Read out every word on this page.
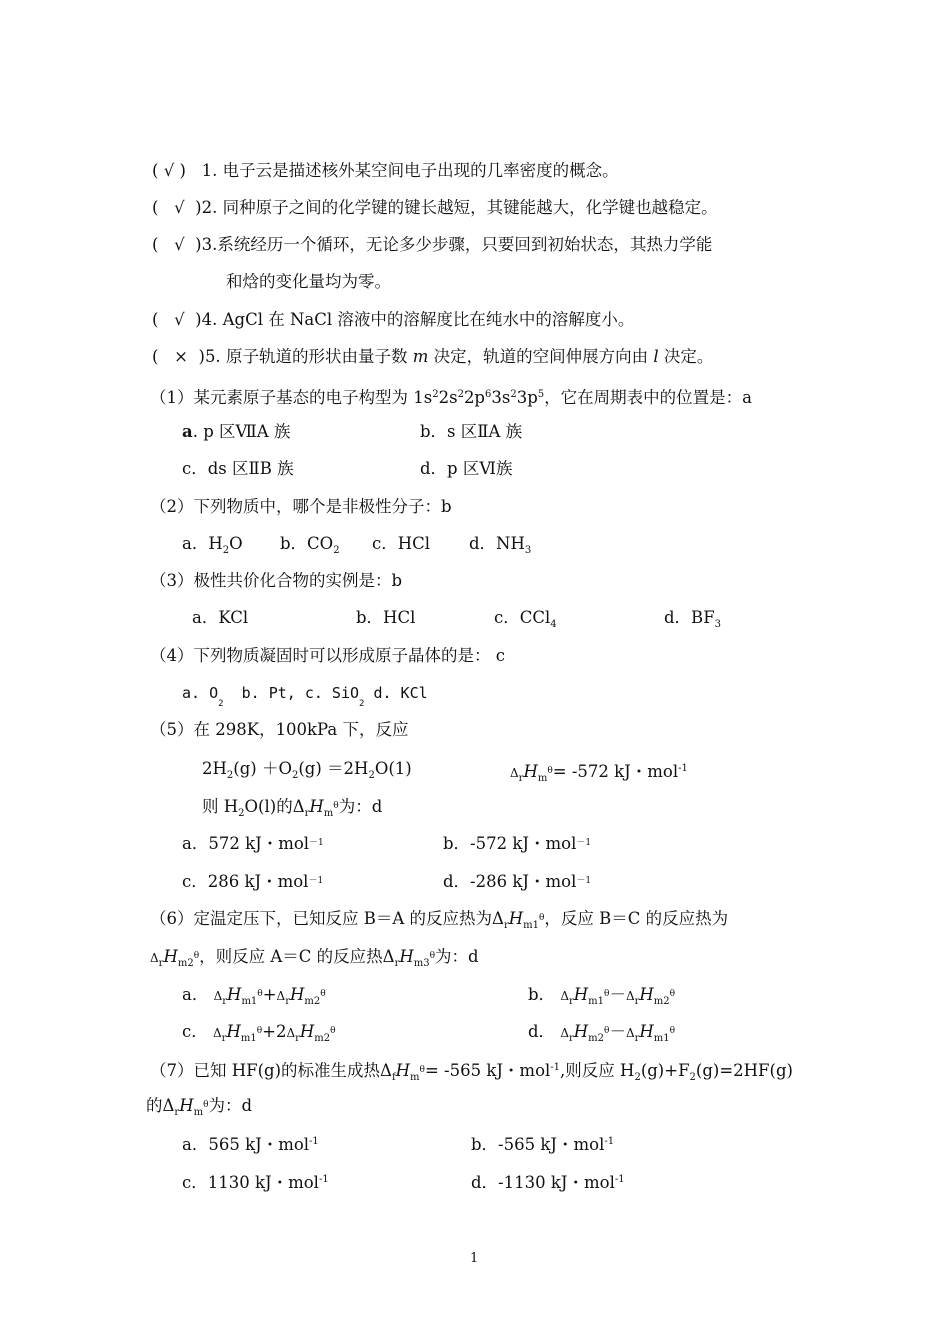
( √ )   1. 电子云是描述核外某空间电子出现的几率密度的概念。
(   √  )2. 同种原子之间的化学键的键长越短，其键能越大，化学键也越稳定。
(   √  )3.系统经历一个循环，无论多少步骤，只要回到初始状态，其热力学能
和焓的变化量均为零。
(   √  )4. AgCl 在 NaCl 溶液中的溶解度比在纯水中的溶解度小。
(   ×  )5. 原子轨道的形状由量子数 m 决定，轨道的空间伸展方向由 l 决定。
（1）某元素原子基态的电子构型为 $1s^22s^22p^63s^23p^5$，它在周期表中的位置是：a
a. p 区ⅦA 族	b．s 区ⅡA 族
c．ds 区ⅡB 族	d．p 区Ⅵ族
（2）下列物质中，哪个是非极性分子：b
a．$H_2O$ b．$CO_2$ c．HCl d．$NH_3$
（3）极性共价化合物的实例是：b
a．KCl	b．HCl	c．CCl$_4$	d．$BF_3$
（4）下列物质凝固时可以形成原子晶体的是： c
a. $O_2$  b. Pt, c. SiO$_2$ d. KCl
（5）在 298K，100kPa 下，反应
$2H_2(g) +O_2(g) =2H_2O(1)$	$\Delta_rH_m^\theta= -572$ kJ・mol$^{-1}$
则 $H_2O(l)$的$\Delta_rH_m^\theta$为：d
a．572 kJ・mol$^{-1}$	b．-572 kJ・mol$^{-1}$
c．286 kJ・mol$^{-1}$	d．-286 kJ・mol$^{-1}$
（6）定温定压下，已知反应 B＝A 的反应热为$\Delta_rH_{m1}^\theta$，反应 B＝C 的反应热为
$\Delta_rH_{m2}^\theta$，则反应 A＝C 的反应热$\Delta_rH_{m3}^\theta$为：d
a． $\Delta_rH_{m1}^\theta+\Delta_rH_{m2}^\theta$	b． $\Delta_rH_{m1}^\theta-\Delta_rH_{m2}^\theta$
c． $\Delta_rH_{m1}^\theta+2\Delta_rH_{m2}^\theta$	d． $\Delta_rH_{m2}^\theta-\Delta_rH_{m1}^\theta$
（7）已知 HF(g)的标准生成热$\Delta_fH_m^\theta= -565$ kJ・mol$^{-1}$,则反应 $H_2(g)+F_2(g)=2HF(g)$
的$\Delta_rH_m^\theta$为：d
a．565 kJ・mol$^{-1}$	b．-565 kJ・mol$^{-1}$
c．1130 kJ・mol$^{-1}$	d．-1130 kJ・mol$^{-1}$
1
